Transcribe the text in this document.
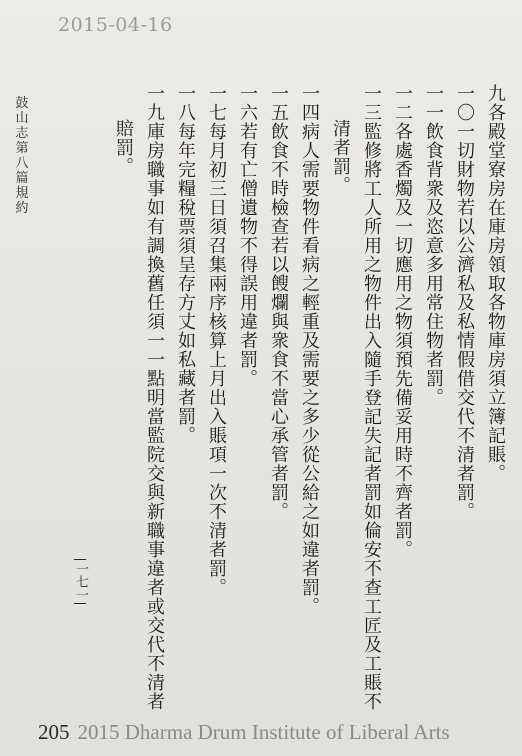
2015-04-16
鼓山志 第八篇 規約	九各殿堂寮房在庫房領取各物庫房須立簿記賬。
一〇一切財物若以公濟私及私情假借交代不清者罰。
一一飲食背衆及恣意多用常住物者罰。
一二各處香燭及一切應用之物須預先備妥用時不齊者罰。
一三監修將工人所用之物件出入隨手登記失記者罰如倫安不查工匠及工賬不
清者罰。
一四病人需要物件看病之輕重及需要之多少從公給之如違者罰。
一五飲食不時檢查若以餿爛與衆食不當心承管者罰。
一六若有亡僧遺物不得誤用違者罰。
一七每月初三日須召集兩序核算上月出入賬項一次不清者罰。
一八每年完糧稅票須呈存方丈如私藏者罰。
一九庫房職事如有調換舊任須一一點明當監院交與新職事違者或交代不清者
賠罰。
一七一
205 2015 Dharma Drum Institute of Liberal Arts
